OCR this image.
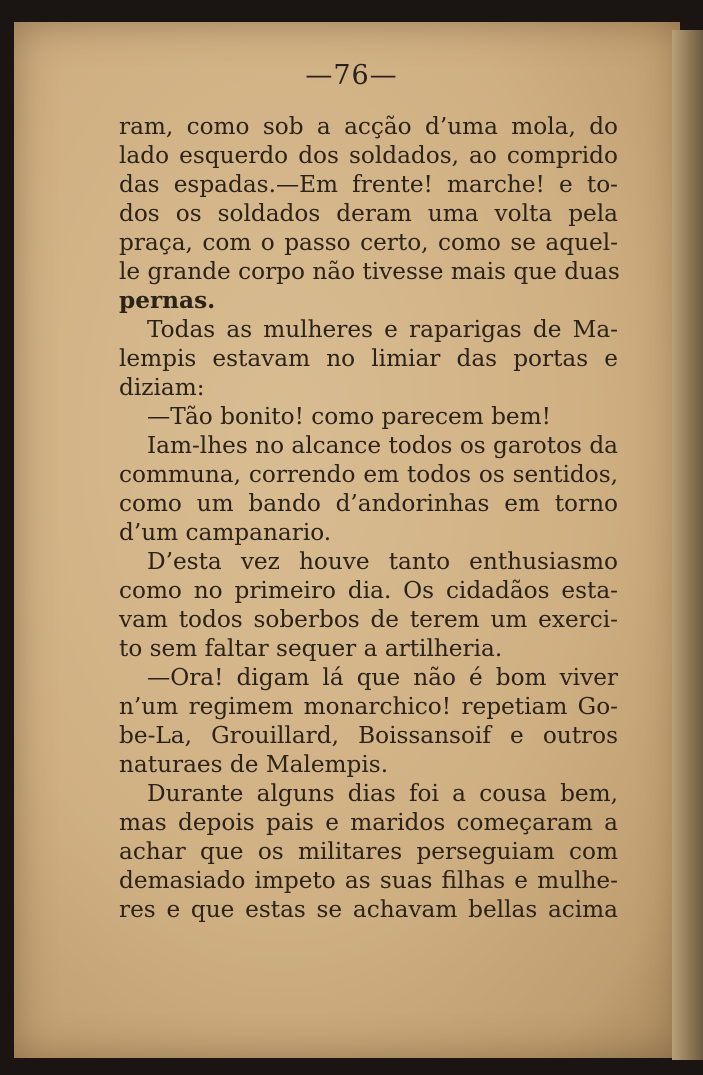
—76—

ram, como sob a acção d’uma mola, do
lado esquerdo dos soldados, ao comprido
das espadas.—Em frente! marche! e to-
dos os soldados deram uma volta pela
praça, com o passo certo, como se aquel-
le grande corpo não tivesse mais que duas
pernas.
Todas as mulheres e raparigas de Ma-
lempis estavam no limiar das portas e
diziam:
—Tão bonito! como parecem bem!
Iam-lhes no alcance todos os garotos da
communa, correndo em todos os sentidos,
como um bando d’andorinhas em torno
d’um campanario.
D’esta vez houve tanto enthusiasmo
como no primeiro dia. Os cidadãos esta-
vam todos soberbos de terem um exerci-
to sem faltar sequer a artilheria.
—Ora! digam lá que não é bom viver
n’um regimem monarchico! repetiam Go-
be-La, Grouillard, Boissansoif e outros
naturaes de Malempis.
Durante alguns dias foi a cousa bem,
mas depois pais e maridos começaram a
achar que os militares perseguiam com
demasiado impeto as suas filhas e mulhe-
res e que estas se achavam bellas acima
